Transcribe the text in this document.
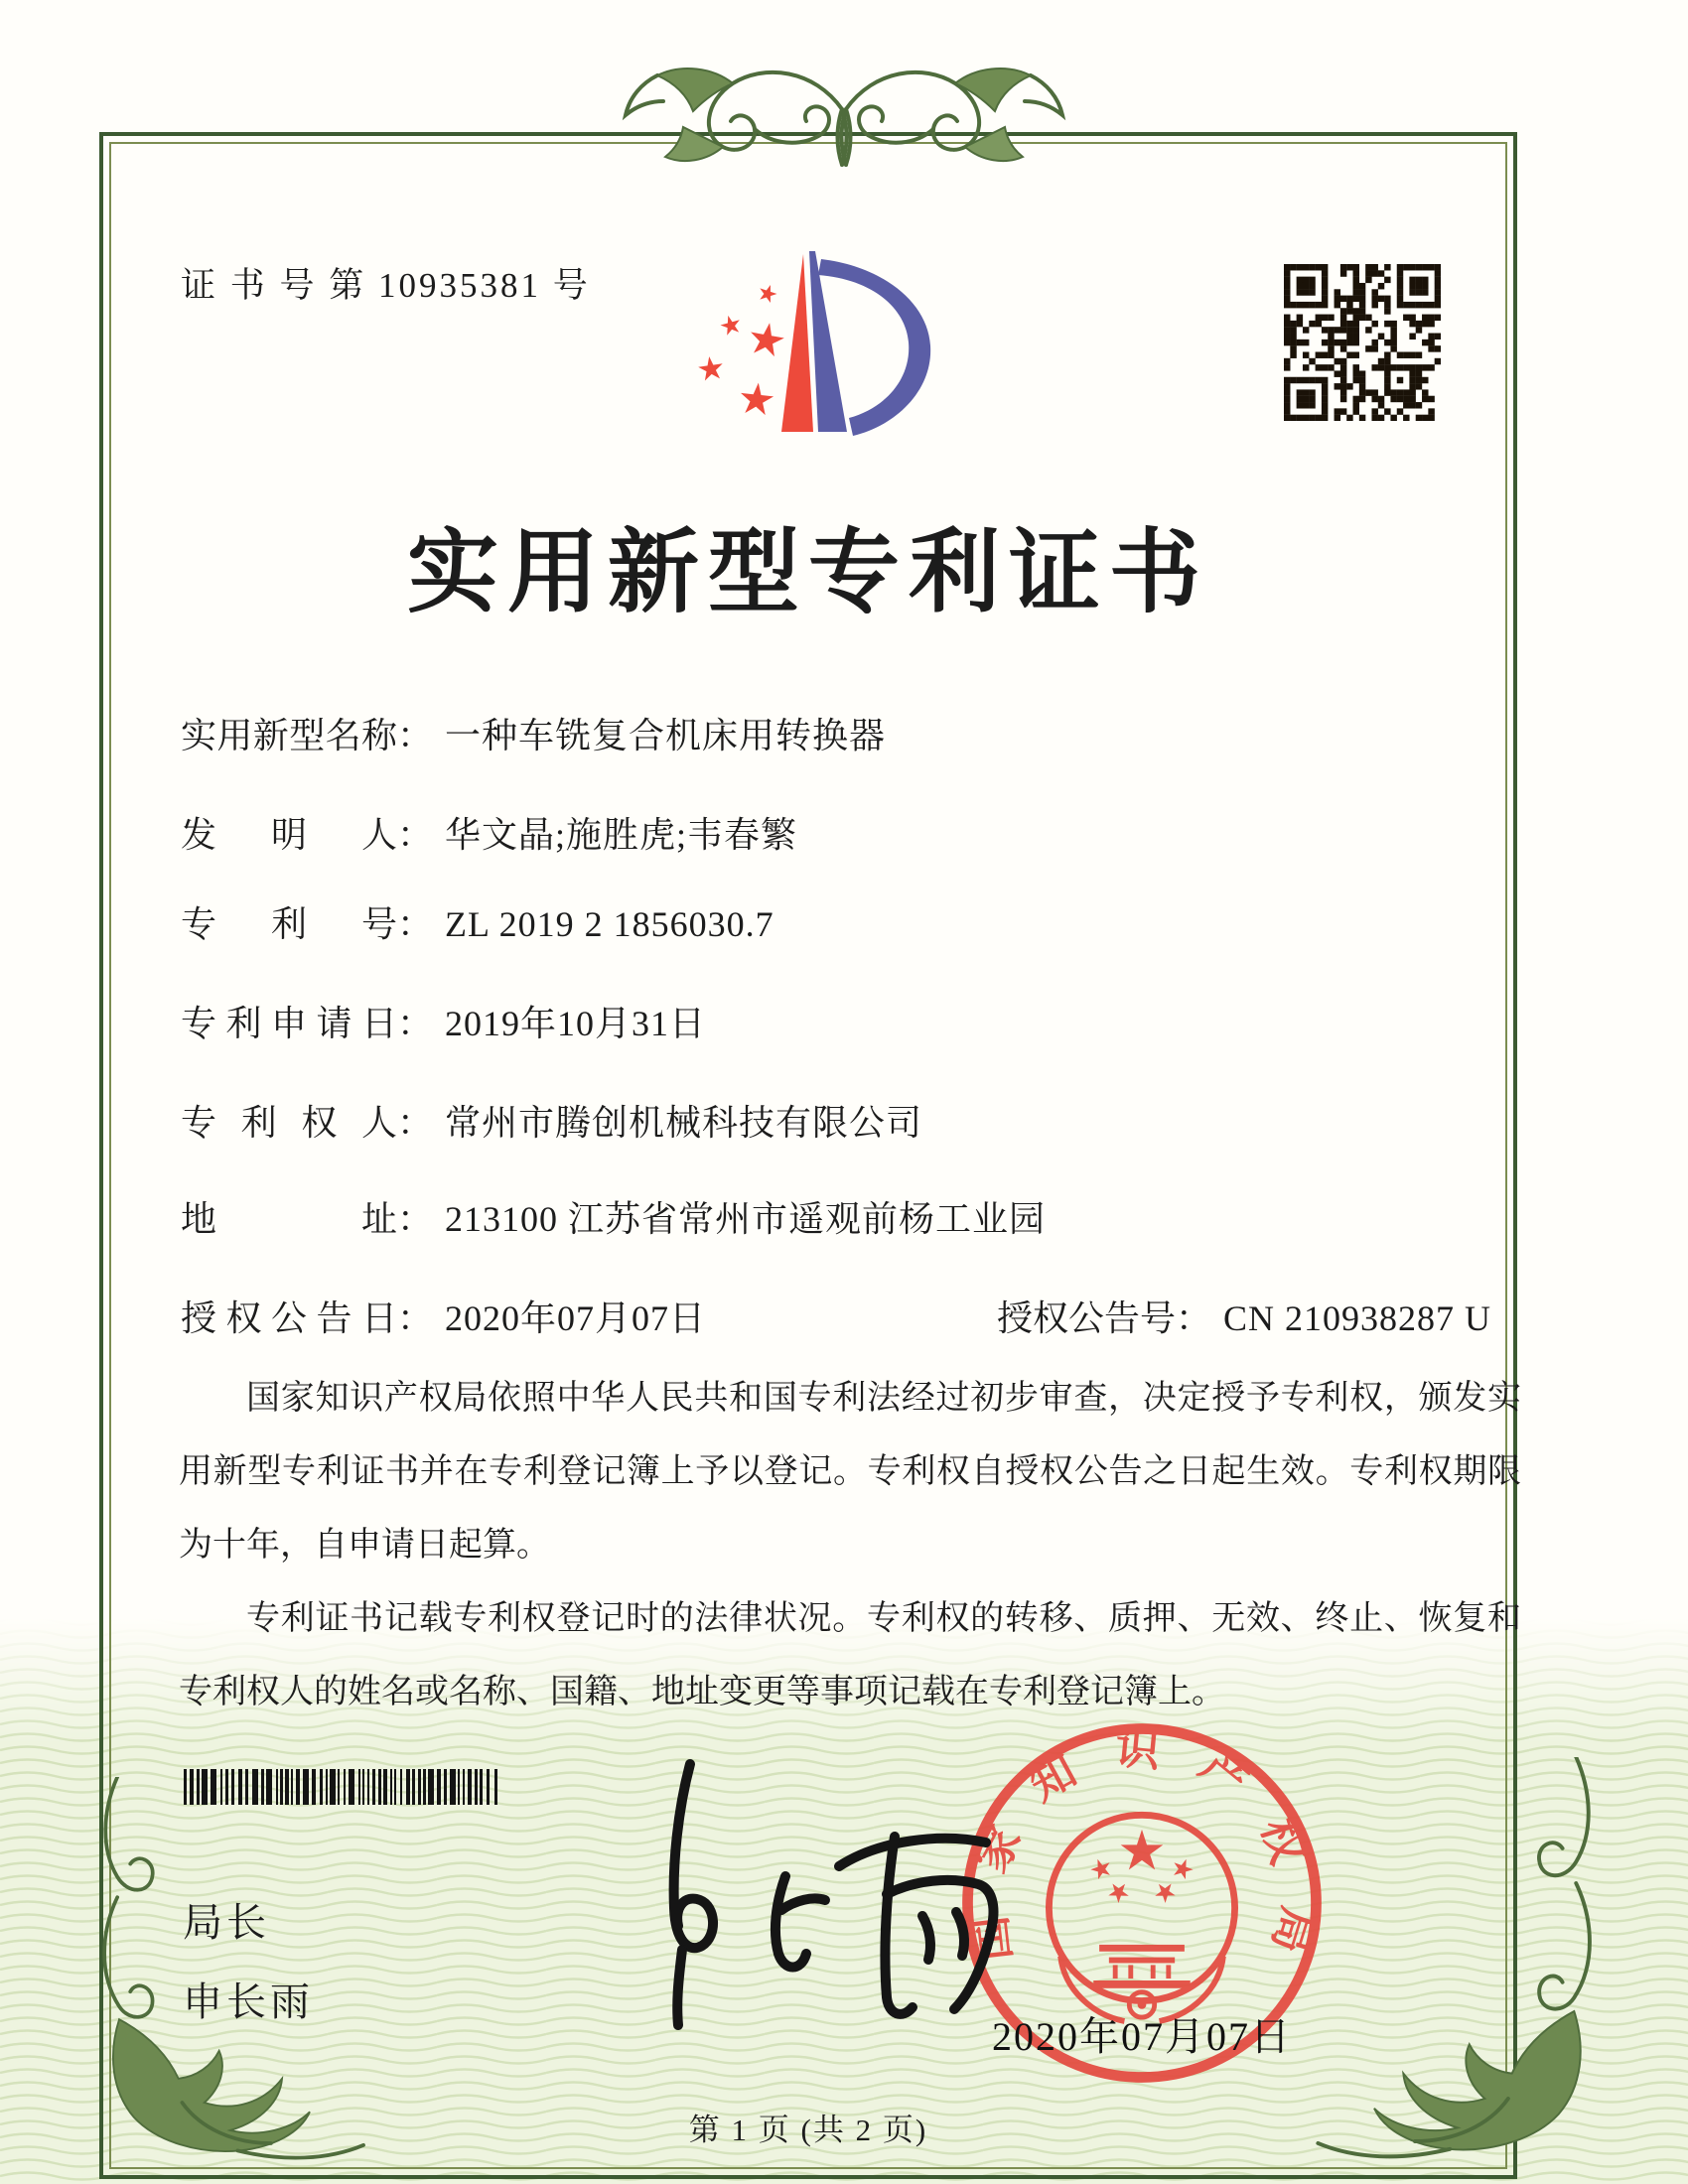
证 书 号 第 10935381 号
实用新型专利证书
实用新型名称： 一种车铣复合机床用转换器
发明人： 华文晶;施胜虎;韦春繁
专利号： ZL 2019 2 1856030.7
专利申请日： 2019年10月31日
专利权人： 常州市腾创机械科技有限公司
地址： 213100 江苏省常州市遥观前杨工业园
授权公告日： 2020年07月07日	授权公告号： CN 210938287 U

国家知识产权局依照中华人民共和国专利法经过初步审查，决定授予专利权，颁发实用新型专利证书并在专利登记簿上予以登记。专利权自授权公告之日起生效。专利权期限为十年，自申请日起算。

专利证书记载专利权登记时的法律状况。专利权的转移、质押、无效、终止、恢复和专利权人的姓名或名称、国籍、地址变更等事项记载在专利登记簿上。

局长
申长雨
国家知识产权局
2020年07月07日
第 1 页 (共 2 页)
